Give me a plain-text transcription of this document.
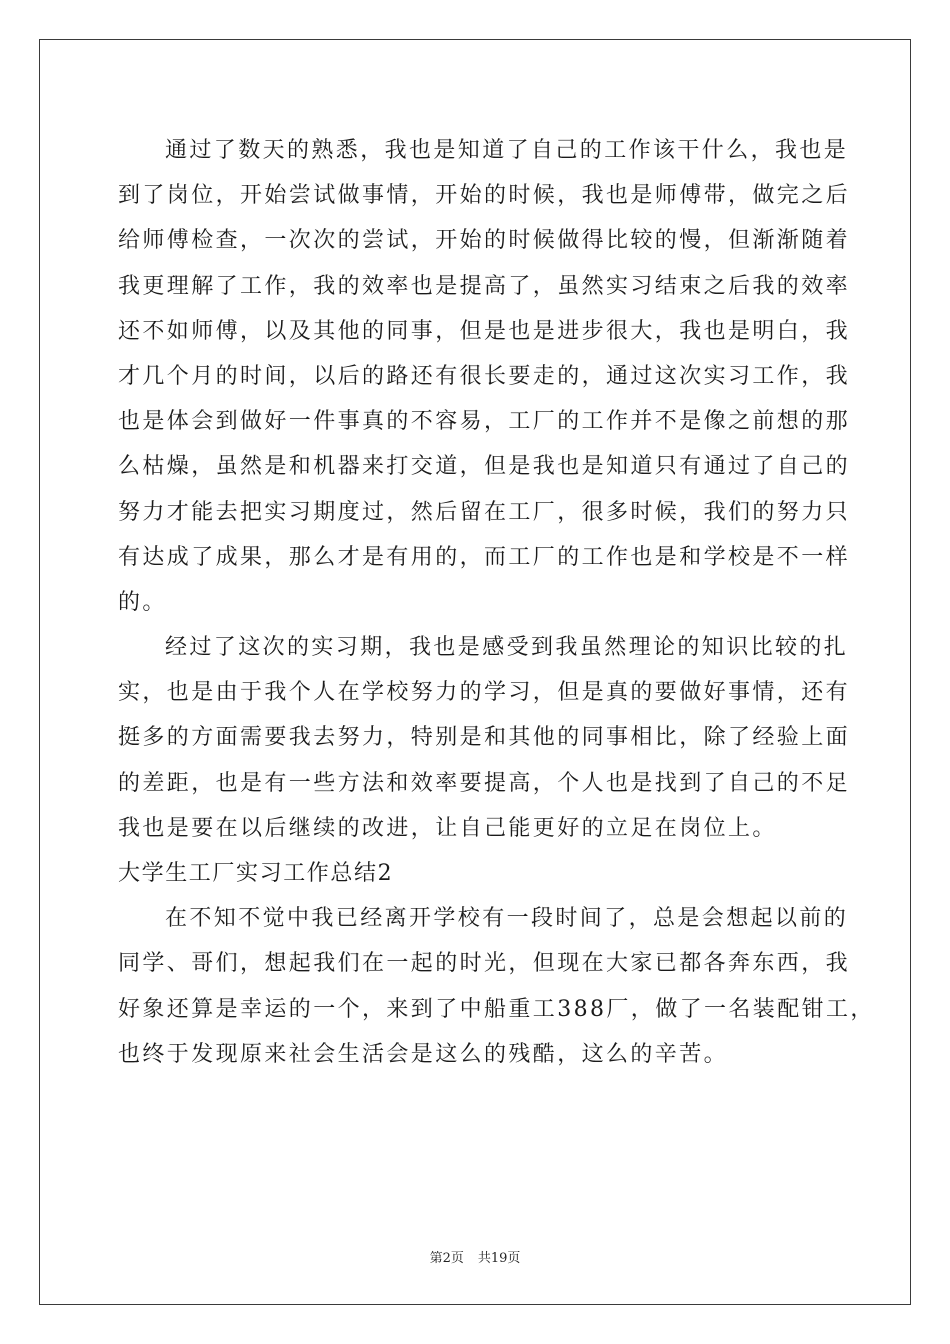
通过了数天的熟悉，我也是知道了自己的工作该干什么，我也是
到了岗位，开始尝试做事情，开始的时候，我也是师傅带，做完之后
给师傅检查，一次次的尝试，开始的时候做得比较的慢，但渐渐随着
我更理解了工作，我的效率也是提高了，虽然实习结束之后我的效率
还不如师傅，以及其他的同事，但是也是进步很大，我也是明白，我
才几个月的时间，以后的路还有很长要走的，通过这次实习工作，我
也是体会到做好一件事真的不容易，工厂的工作并不是像之前想的那
么枯燥，虽然是和机器来打交道，但是我也是知道只有通过了自己的
努力才能去把实习期度过，然后留在工厂，很多时候，我们的努力只
有达成了成果，那么才是有用的，而工厂的工作也是和学校是不一样
的。
经过了这次的实习期，我也是感受到我虽然理论的知识比较的扎
实，也是由于我个人在学校努力的学习，但是真的要做好事情，还有
挺多的方面需要我去努力，特别是和其他的同事相比，除了经验上面
的差距，也是有一些方法和效率要提高，个人也是找到了自己的不足
我也是要在以后继续的改进，让自己能更好的立足在岗位上。
大学生工厂实习工作总结2
在不知不觉中我已经离开学校有一段时间了，总是会想起以前的
同学、哥们，想起我们在一起的时光，但现在大家已都各奔东西，我
好象还算是幸运的一个，来到了中船重工388厂，做了一名装配钳工，
也终于发现原来社会生活会是这么的残酷，这么的辛苦。
第2页 共19页
